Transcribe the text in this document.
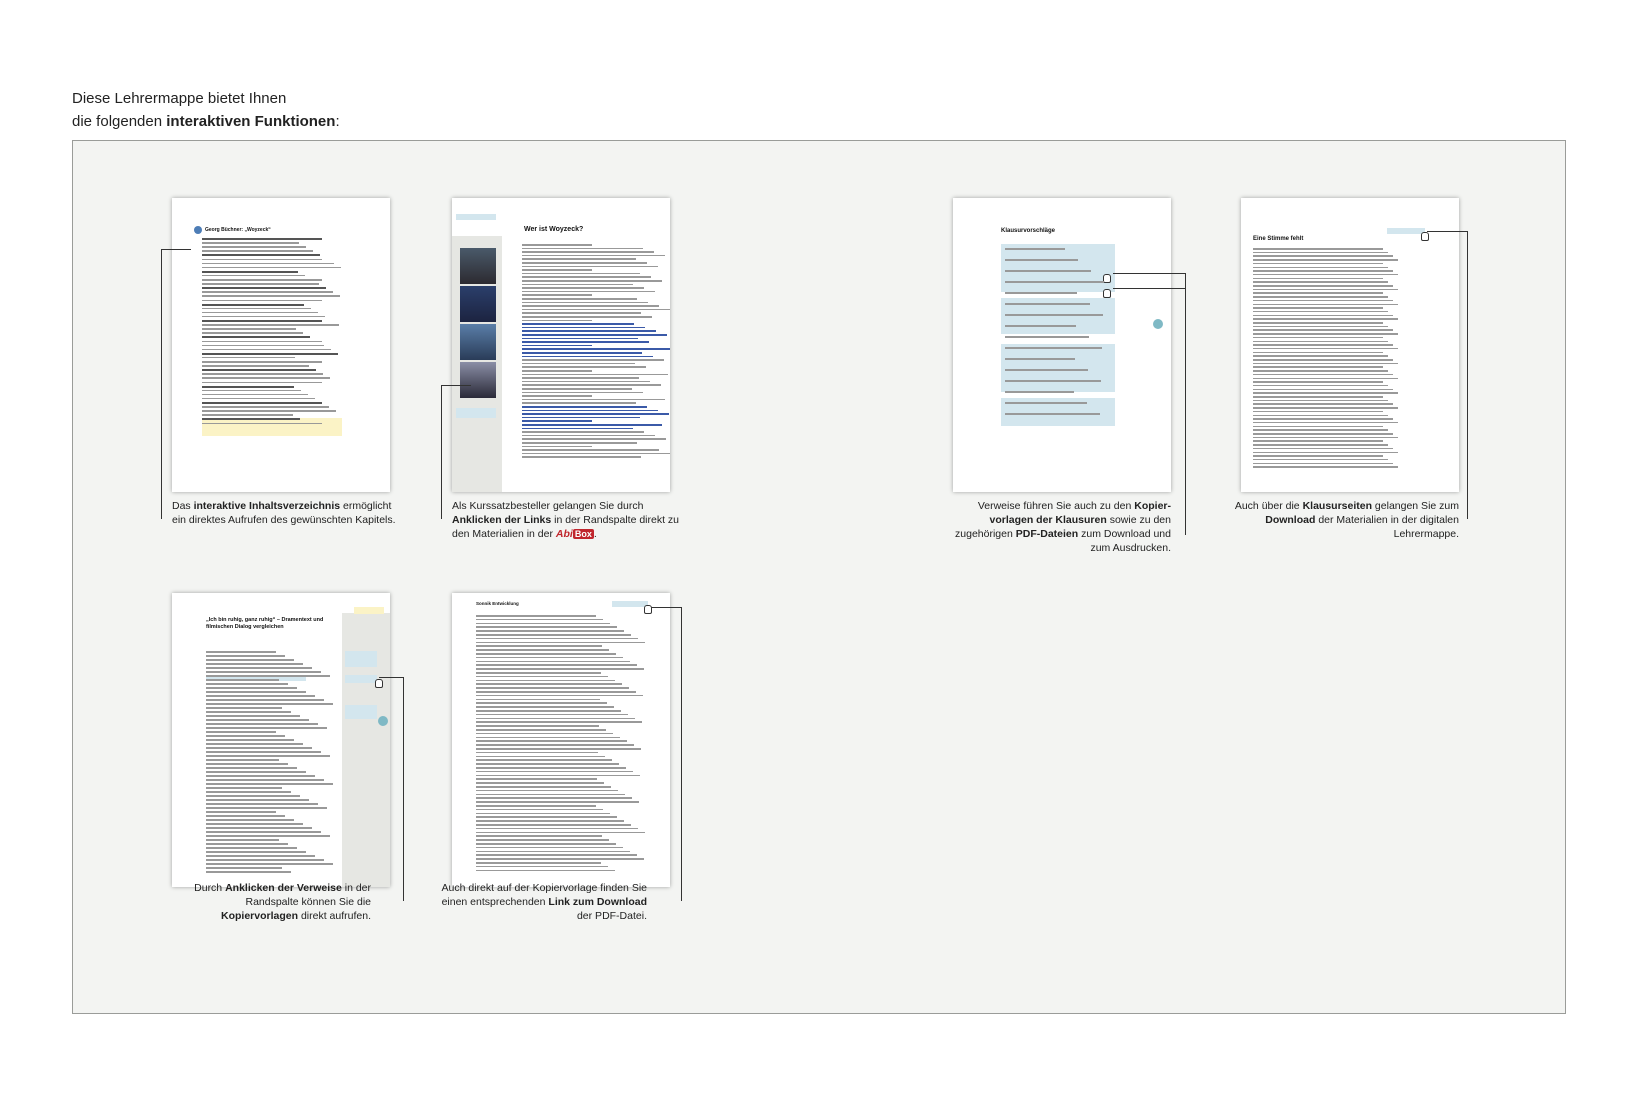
Diese Lehrermappe bietet Ihnen
die folgenden interaktiven Funktionen:
Georg Büchner: „Woyzeck“	Wer ist Woyzeck?	Klausurvorschläge
Eine Stimme fehlt
„Ich bin ruhig, ganz ruhig“ – Dramentext und filmischen Dialog vergleichen
Sonnik Entwicklung
Das interaktive Inhaltsverzeichnis ermöglicht ein direktes Aufrufen des gewünschten Kapitels.
Als Kurssatzbesteller gelangen Sie durch Anklicken der Links in der Randspalte direkt zu den Materialien in der Abi Box .
Verweise führen Sie auch zu den Kopier-vorlagen der Klausuren sowie zu den zugehörigen PDF-Dateien zum Download und zum Ausdrucken.
Auch über die Klausurseiten gelangen Sie zum Download der Materialien in der digitalen Lehrermappe.
Durch Anklicken der Verweise in der Randspalte können Sie die Kopiervorlagen direkt aufrufen.
Auch direkt auf der Kopiervorlage finden Sie einen entsprechenden Link zum Download der PDF-Datei.
